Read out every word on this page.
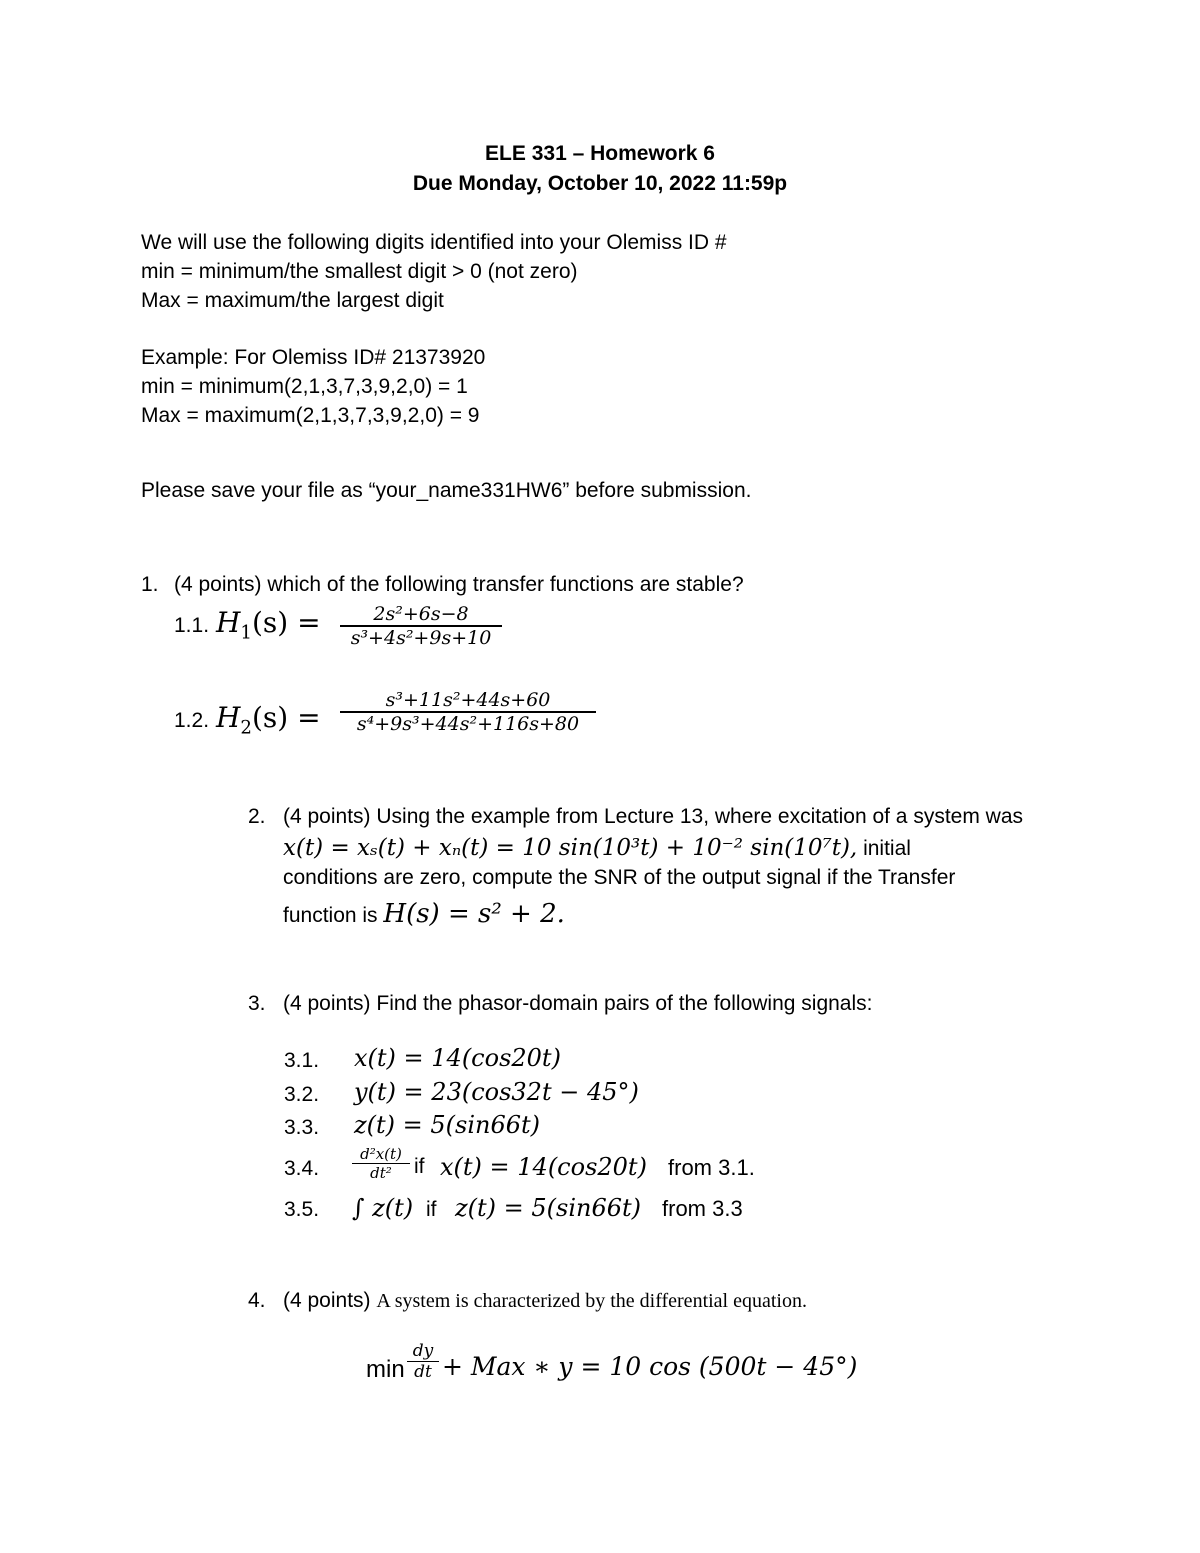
ELE 331 – Homework 6
Due Monday, October 10, 2022 11:59p
We will use the following digits identified into your Olemiss ID #
min = minimum/the smallest digit > 0 (not zero)
Max = maximum/the largest digit
Example: For Olemiss ID# 21373920
min = minimum(2,1,3,7,3,9,2,0) = 1
Max = maximum(2,1,3,7,3,9,2,0) = 9
Please save your file as “your_name331HW6” before submission.
1. (4 points) which of the following transfer functions are stable?
1.1. $H_1(s)$ =	2s²+6s−8
s³+4s²+9s+10
1.2. $H_2(s)$ =
s³+11s²+44s+60
s⁴+9s³+44s²+116s+80
2. (4 points) Using the example from Lecture 13, where excitation of a system was
x(t) = xₛ(t) + xₙ(t) = 10 sin(10³t) + 10⁻² sin(10⁷t), initial
conditions are zero, compute the SNR of the output signal if the Transfer
function is H(s) = s² + 2.
3. (4 points) Find the phasor-domain pairs of the following signals:
3.1. x(t) = 14(cos20t)
3.2. y(t) = 23(cos32t − 45°)
3.3. z(t) = 5(sin66t)
3.4.
d²x(t)
dt²	if x(t) = 14(cos20t) from 3.1.
3.5. ∫ z(t) if z(t) = 5(sin66t) from 3.3
4. (4 points) A system is characterized by the differential equation.
min
dy
dt + Max ∗ y = 10 cos (500t − 45°)
